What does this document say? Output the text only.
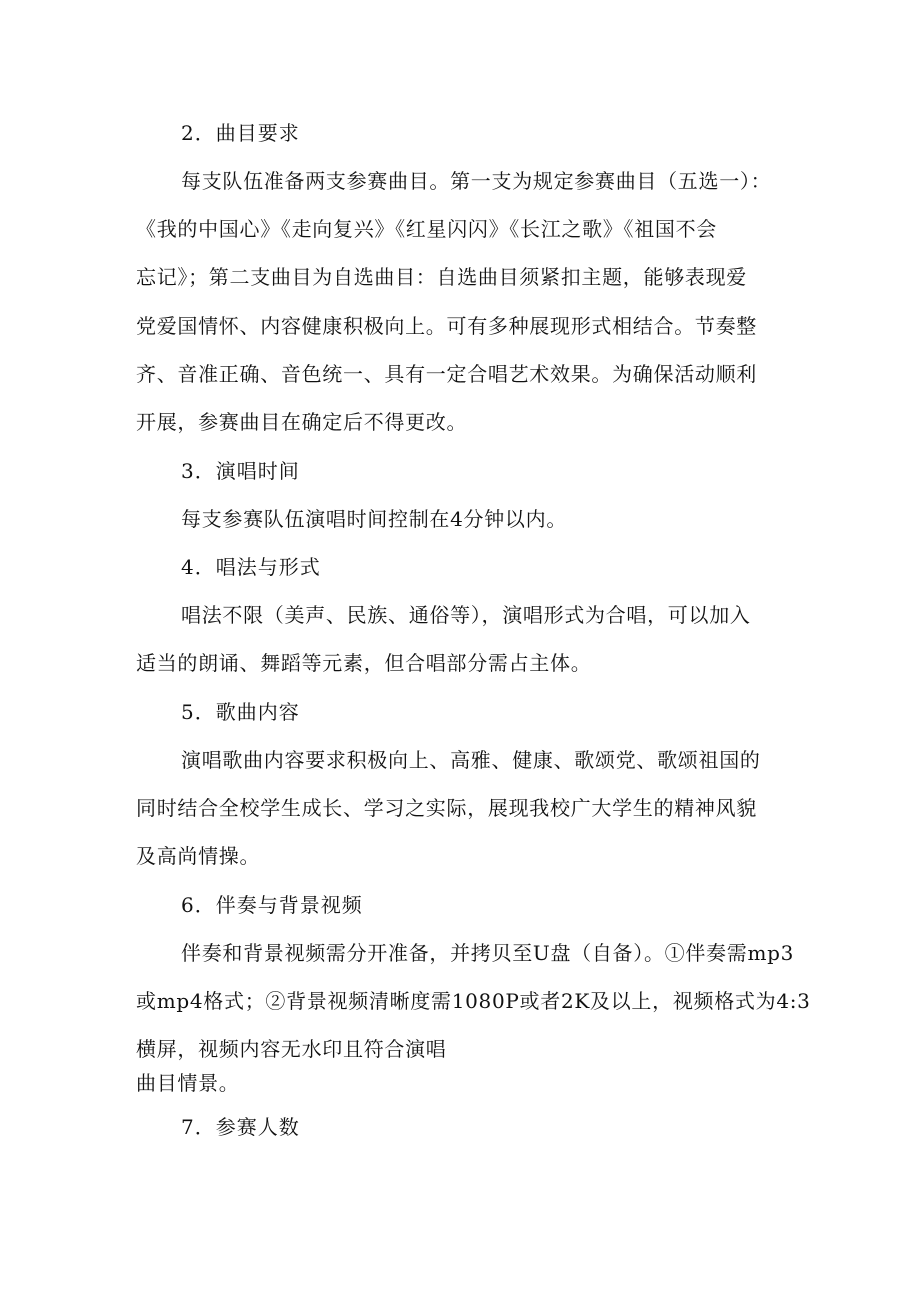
2．曲目要求
每支队伍准备两支参赛曲目。第一支为规定参赛曲目（五选一）：
《我的中国心》《走向复兴》《红星闪闪》《长江之歌》《祖国不会
忘记》；第二支曲目为自选曲目：自选曲目须紧扣主题，能够表现爱
党爱国情怀、内容健康积极向上。可有多种展现形式相结合。节奏整
齐、音准正确、音色统一、具有一定合唱艺术效果。为确保活动顺利
开展，参赛曲目在确定后不得更改。
3．演唱时间
每支参赛队伍演唱时间控制在4分钟以内。
4．唱法与形式
唱法不限（美声、民族、通俗等），演唱形式为合唱，可以加入
适当的朗诵、舞蹈等元素，但合唱部分需占主体。
5．歌曲内容
演唱歌曲内容要求积极向上、高雅、健康、歌颂党、歌颂祖国的
同时结合全校学生成长、学习之实际，展现我校广大学生的精神风貌
及高尚情操。
6．伴奏与背景视频
伴奏和背景视频需分开准备，并拷贝至U盘（自备）。①伴奏需mp3
或mp4格式；②背景视频清晰度需1080P或者2K及以上，视频格式为4:3
横屏，视频内容无水印且符合演唱
曲目情景。
7．参赛人数
